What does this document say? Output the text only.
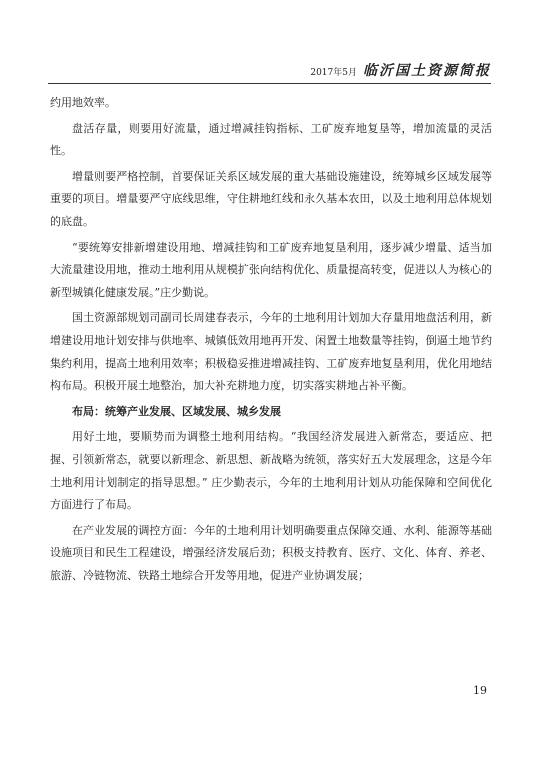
2017年5月 临沂国土资源简报

约用地效率。

盘活存量，则要用好流量，通过增减挂钩指标、工矿废弃地复垦等，增加流量的灵活性。

增量则要严格控制，首要保证关系区域发展的重大基础设施建设，统筹城乡区域发展等重要的项目。增量要严守底线思维，守住耕地红线和永久基本农田，以及土地利用总体规划的底盘。

“要统筹安排新增建设用地、增减挂钩和工矿废弃地复垦利用，逐步减少增量、适当加大流量建设用地，推动土地利用从规模扩张向结构优化、质量提高转变，促进以人为核心的新型城镇化健康发展。”庄少勤说。

国土资源部规划司副司长周建春表示，今年的土地利用计划加大存量用地盘活利用，新增建设用地计划安排与供地率、城镇低效用地再开发、闲置土地数量等挂钩，倒逼土地节约集约利用，提高土地利用效率；积极稳妥推进增减挂钩、工矿废弃地复垦利用，优化用地结构布局。积极开展土地整治，加大补充耕地力度，切实落实耕地占补平衡。

布局：统筹产业发展、区域发展、城乡发展

用好土地，要顺势而为调整土地利用结构。“我国经济发展进入新常态，要适应、把握、引领新常态，就要以新理念、新思想、新战略为统领，落实好五大发展理念，这是今年土地利用计划制定的指导思想。” 庄少勤表示，今年的土地利用计划从功能保障和空间优化方面进行了布局。

在产业发展的调控方面：今年的土地利用计划明确要重点保障交通、水利、能源等基础设施项目和民生工程建设，增强经济发展后劲；积极支持教育、医疗、文化、体育、养老、旅游、冷链物流、铁路土地综合开发等用地，促进产业协调发展；

19
